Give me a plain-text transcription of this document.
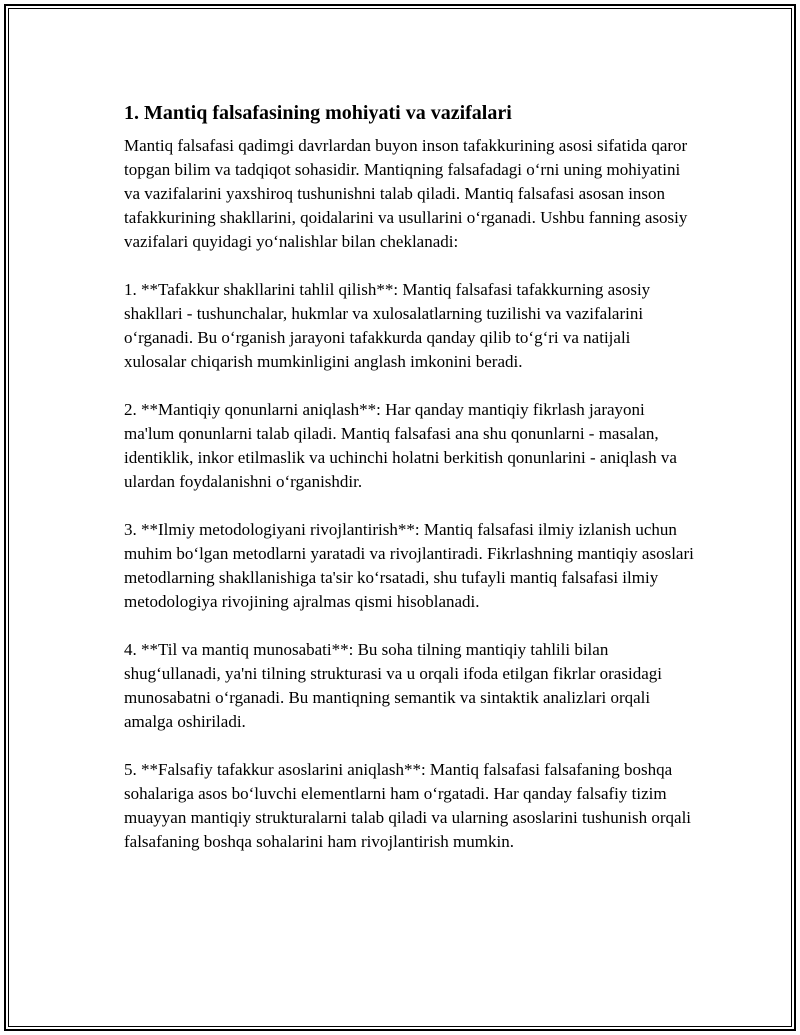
1. Mantiq falsafasining mohiyati va vazifalari

Mantiq falsafasi qadimgi davrlardan buyon inson tafakkurining asosi sifatida qaror topgan bilim va tadqiqot sohasidir. Mantiqning falsafadagi o‘rni uning mohiyatini va vazifalarini yaxshiroq tushunishni talab qiladi. Mantiq falsafasi asosan inson tafakkurining shakllarini, qoidalarini va usullarini o‘rganadi. Ushbu fanning asosiy vazifalari quyidagi yo‘nalishlar bilan cheklanadi:

1. **Tafakkur shakllarini tahlil qilish**: Mantiq falsafasi tafakkurning asosiy shakllari - tushunchalar, hukmlar va xulosalatlarning tuzilishi va vazifalarini o‘rganadi. Bu o‘rganish jarayoni tafakkurda qanday qilib to‘g‘ri va natijali xulosalar chiqarish mumkinligini anglash imkonini beradi.

2. **Mantiqiy qonunlarni aniqlash**: Har qanday mantiqiy fikrlash jarayoni ma'lum qonunlarni talab qiladi. Mantiq falsafasi ana shu qonunlarni - masalan, identiklik, inkor etilmaslik va uchinchi holatni berkitish qonunlarini - aniqlash va ulardan foydalanishni o‘rganishdir.

3. **Ilmiy metodologiyani rivojlantirish**: Mantiq falsafasi ilmiy izlanish uchun muhim bo‘lgan metodlarni yaratadi va rivojlantiradi. Fikrlashning mantiqiy asoslari metodlarning shakllanishiga ta'sir ko‘rsatadi, shu tufayli mantiq falsafasi ilmiy metodologiya rivojining ajralmas qismi hisoblanadi.

4. **Til va mantiq munosabati**: Bu soha tilning mantiqiy tahlili bilan shug‘ullanadi, ya'ni tilning strukturasi va u orqali ifoda etilgan fikrlar orasidagi munosabatni o‘rganadi. Bu mantiqning semantik va sintaktik analizlari orqali amalga oshiriladi.

5. **Falsafiy tafakkur asoslarini aniqlash**: Mantiq falsafasi falsafaning boshqa sohalariga asos bo‘luvchi elementlarni ham o‘rgatadi. Har qanday falsafiy tizim muayyan mantiqiy strukturalarni talab qiladi va ularning asoslarini tushunish orqali falsafaning boshqa sohalarini ham rivojlantirish mumkin.
